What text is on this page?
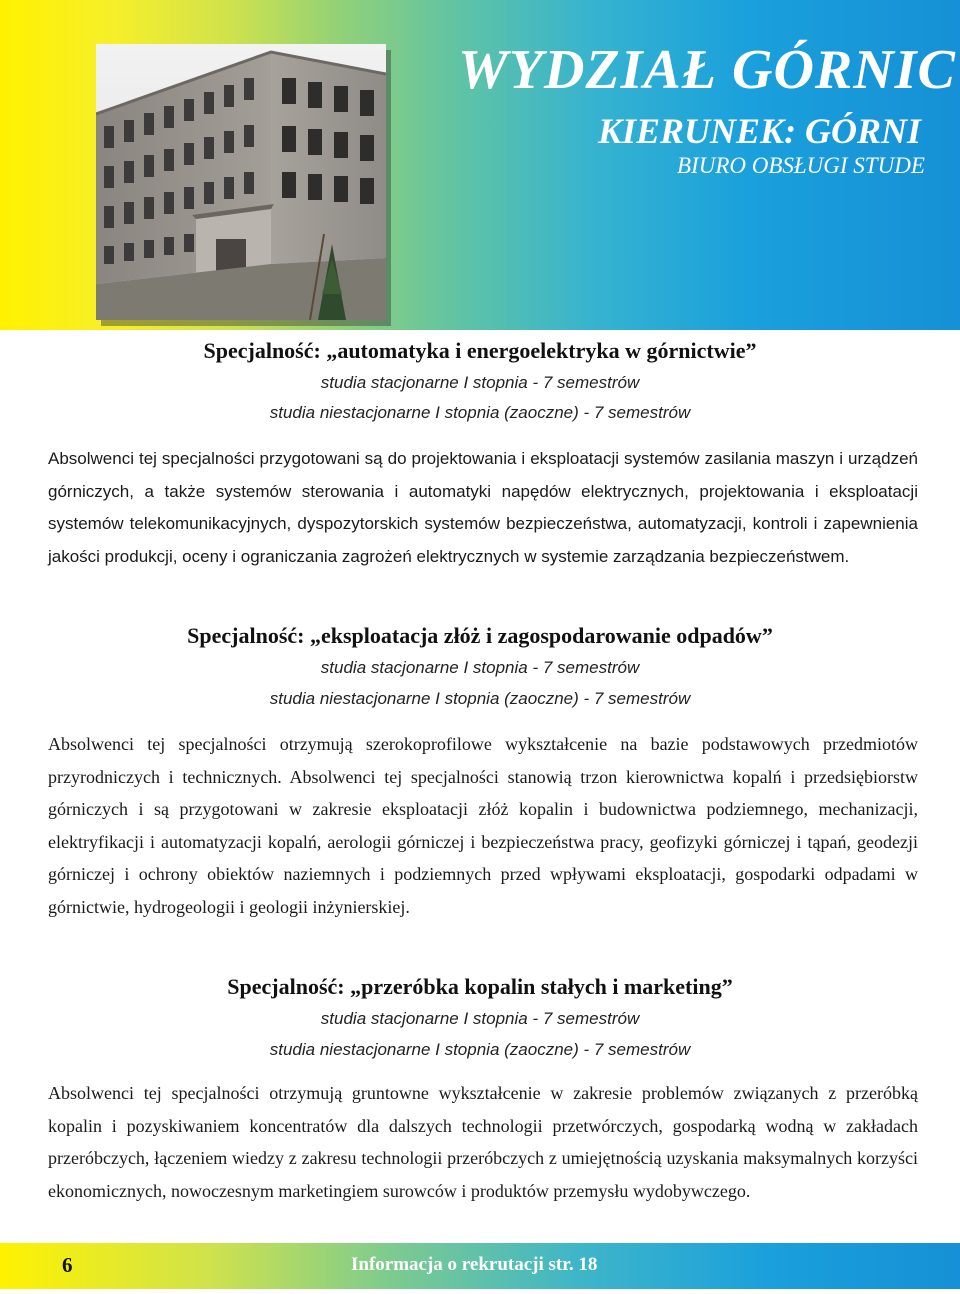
WYDZIAŁ GÓRNIC
KIERUNEK: GÓRNI
BIURO OBSŁUGI STUDE
Specjalność: „automatyka i energoelektryka w górnictwie”
studia stacjonarne I stopnia - 7 semestrów
studia niestacjonarne I stopnia (zaoczne) - 7 semestrów
Absolwenci tej specjalności przygotowani są do projektowania i eksploatacji systemów zasilania maszyn i urządzeń górniczych, a także systemów sterowania i automatyki napędów elektrycznych, projektowania i eksploatacji systemów telekomunikacyjnych, dyspozytorskich systemów bezpieczeństwa, automatyzacji, kontroli i zapewnienia jakości produkcji, oceny i ograniczania zagrożeń elektrycznych w systemie zarządzania bezpieczeństwem.
Specjalność: „eksploatacja złóż i zagospodarowanie odpadów”
studia stacjonarne I stopnia - 7 semestrów
studia niestacjonarne I stopnia (zaoczne) - 7 semestrów
Absolwenci tej specjalności otrzymują szerokoprofilowe wykształcenie na bazie podstawowych przedmiotów przyrodniczych i technicznych. Absolwenci tej specjalności stanowią trzon kierownictwa kopalń i przedsiębiorstw górniczych i są przygotowani w zakresie eksploatacji złóż kopalin i budownictwa podziemnego, mechanizacji, elektryfikacji i automatyzacji kopalń, aerologii górniczej i bezpieczeństwa pracy, geofizyki górniczej i tąpań, geodezji górniczej i ochrony obiektów naziemnych i podziemnych przed wpływami eksploatacji, gospodarki odpadami w górnictwie, hydrogeologii i geologii inżynierskiej.
Specjalność: „przeróbka kopalin stałych i marketing”
studia stacjonarne I stopnia - 7 semestrów
studia niestacjonarne I stopnia (zaoczne) - 7 semestrów
Absolwenci tej specjalności otrzymują gruntowne wykształcenie w zakresie problemów związanych z przeróbką kopalin i pozyskiwaniem koncentratów dla dalszych technologii przetwórczych, gospodarką wodną w zakładach przeróbczych, łączeniem wiedzy z zakresu technologii przeróbczych z umiejętnością uzyskania maksymalnych korzyści ekonomicznych, nowoczesnym marketingiem surowców i produktów przemysłu wydobywczego.
6	Informacja o rekrutacji str. 18
